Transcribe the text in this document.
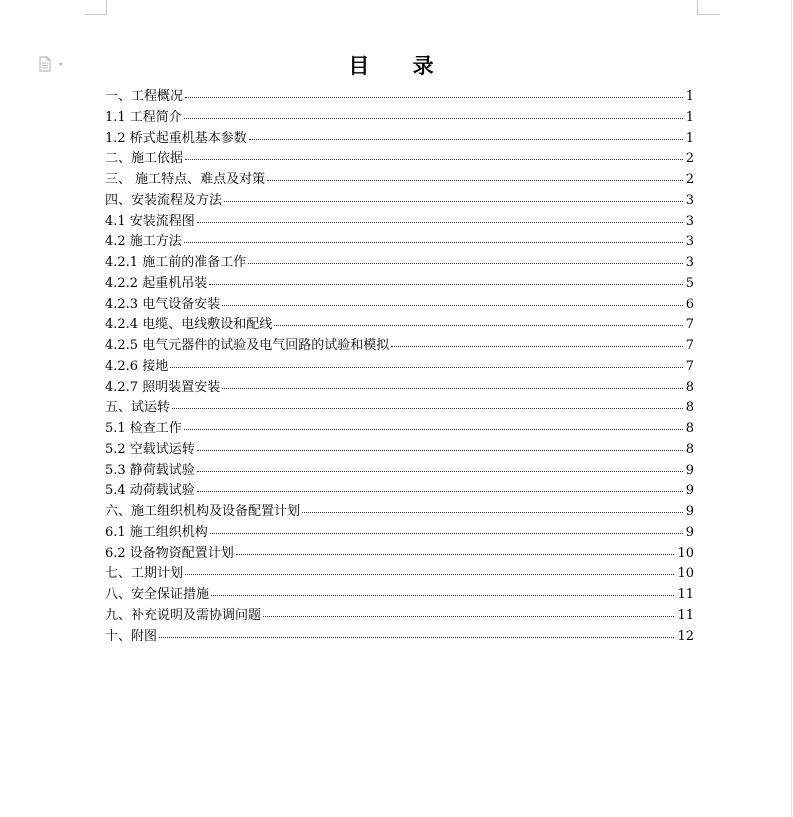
目 录
一、工程概况	1
1.1 工程简介	1
1.2 桥式起重机基本参数	1
二、施工依据	2
三、 施工特点、难点及对策	2
四、安装流程及方法	3
4.1 安装流程图	3
4.2 施工方法	3
4.2.1 施工前的准备工作	3
4.2.2 起重机吊装	5
4.2.3 电气设备安装	6
4.2.4 电缆、电线敷设和配线	7
4.2.5 电气元器件的试验及电气回路的试验和模拟	7
4.2.6 接地	7
4.2.7 照明装置安装	8
五、试运转	8
5.1 检查工作	8
5.2 空载试运转	8
5.3 静荷载试验	9
5.4 动荷载试验	9
六、施工组织机构及设备配置计划	9
6.1 施工组织机构	9
6.2 设备物资配置计划	10
七、工期计划	10
八、安全保证措施	11
九、补充说明及需协调问题	11
十、附图	12
